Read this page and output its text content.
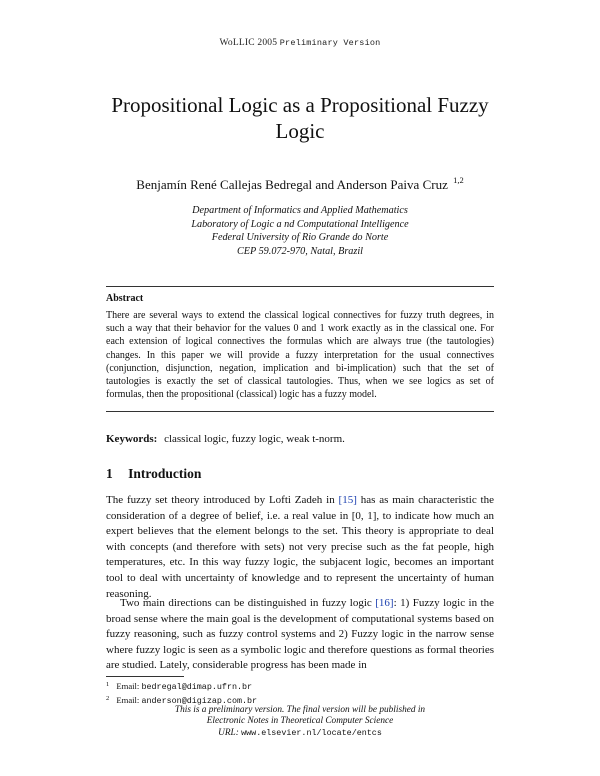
WoLLIC 2005 Preliminary Version
Propositional Logic as a Propositional Fuzzy Logic
Benjamín René Callejas Bedregal and Anderson Paiva Cruz $^{1,2}$
Department of Informatics and Applied Mathematics
Laboratory of Logic a nd Computational Intelligence
Federal University of Rio Grande do Norte
CEP 59.072-970, Natal, Brazil
Abstract
There are several ways to extend the classical logical connectives for fuzzy truth degrees, in such a way that their behavior for the values 0 and 1 work exactly as in the classical one. For each extension of logical connectives the formulas which are always true (the tautologies) changes. In this paper we will provide a fuzzy interpretation for the usual connectives (conjunction, disjunction, negation, implication and bi-implication) such that the set of tautologies is exactly the set of classical tautologies. Thus, when we see logics as set of formulas, then the propositional (classical) logic has a fuzzy model.
Keywords: classical logic, fuzzy logic, weak t-norm.
1 Introduction
The fuzzy set theory introduced by Lofti Zadeh in [15] has as main characteristic the consideration of a degree of belief, i.e. a real value in [0, 1], to indicate how much an expert believes that the element belongs to the set. This theory is appropriate to deal with concepts (and therefore with sets) not very precise such as the fat people, high temperatures, etc. In this way fuzzy logic, the subjacent logic, becomes an important tool to deal with uncertainty of knowledge and to represent the uncertainty of human reasoning.
Two main directions can be distinguished in fuzzy logic [16]: 1) Fuzzy logic in the broad sense where the main goal is the development of computational systems based on fuzzy reasoning, such as fuzzy control systems and 2) Fuzzy logic in the narrow sense where fuzzy logic is seen as a symbolic logic and therefore questions as formal theories are studied. Lately, considerable progress has been made in
$^1$ Email: bedregal@dimap.ufrn.br
$^2$ Email: anderson@digizap.com.br
This is a preliminary version. The final version will be published in
Electronic Notes in Theoretical Computer Science
URL: www.elsevier.nl/locate/entcs
